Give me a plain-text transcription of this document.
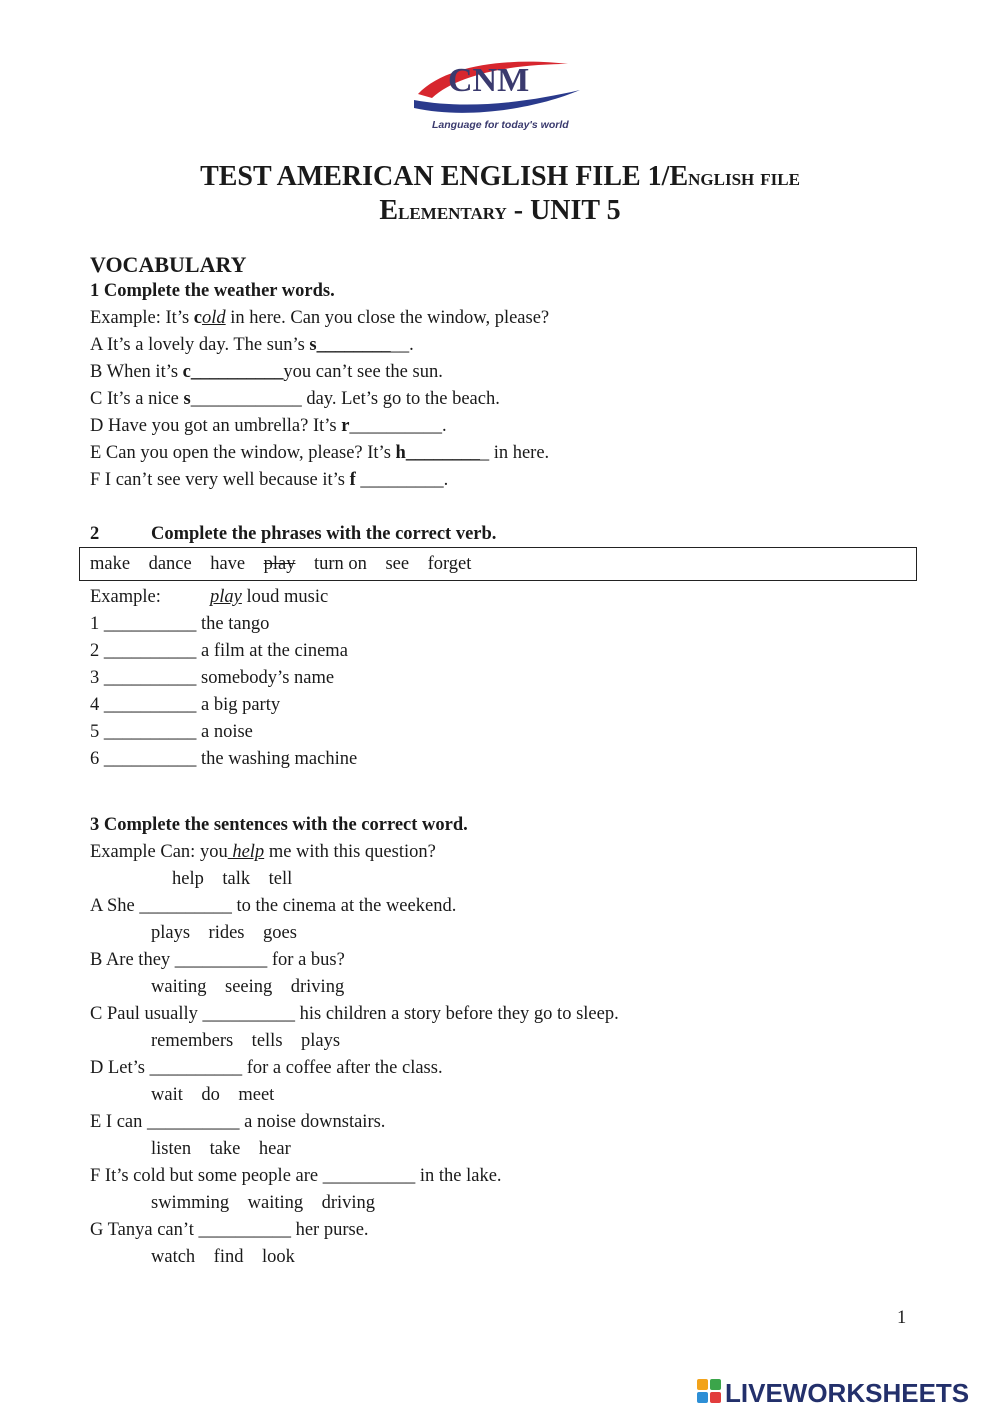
CNM
Language for today's world
TEST AMERICAN ENGLISH FILE 1/English file
Elementary - UNIT 5
VOCABULARY
1 Complete the weather words.
Example: It’s cold in here. Can you close the window, please?
A It’s a lovely day. The sun’s s__________.
B When it’s c__________you can’t see the sun.
C It’s a nice s____________ day. Let’s go to the beach.
D Have you got an umbrella? It’s r__________.
E Can you open the window, please? It’s h_________ in here.
F I can’t see very well because it’s f _________.
2	Complete the phrases with the correct verb.
make dance have play turn on see forget
Example:	play loud music
1 __________ the tango
2 __________ a film at the cinema
3 __________ somebody’s name
4 __________ a big party
5 __________ a noise
6 __________ the washing machine
3 Complete the sentences with the correct word.
Example Can: you help me with this question?
help    talk    tell
A She __________ to the cinema at the weekend.
plays    rides    goes
B Are they __________ for a bus?
waiting    seeing    driving
C Paul usually __________ his children a story before they go to sleep.
remembers    tells    plays
D Let’s __________ for a coffee after the class.
wait    do    meet
E I can __________ a noise downstairs.
listen    take    hear
F It’s cold but some people are __________ in the lake.
swimming    waiting    driving
G Tanya can’t __________ her purse.
watch    find    look
1
LIVEWORKSHEETS
